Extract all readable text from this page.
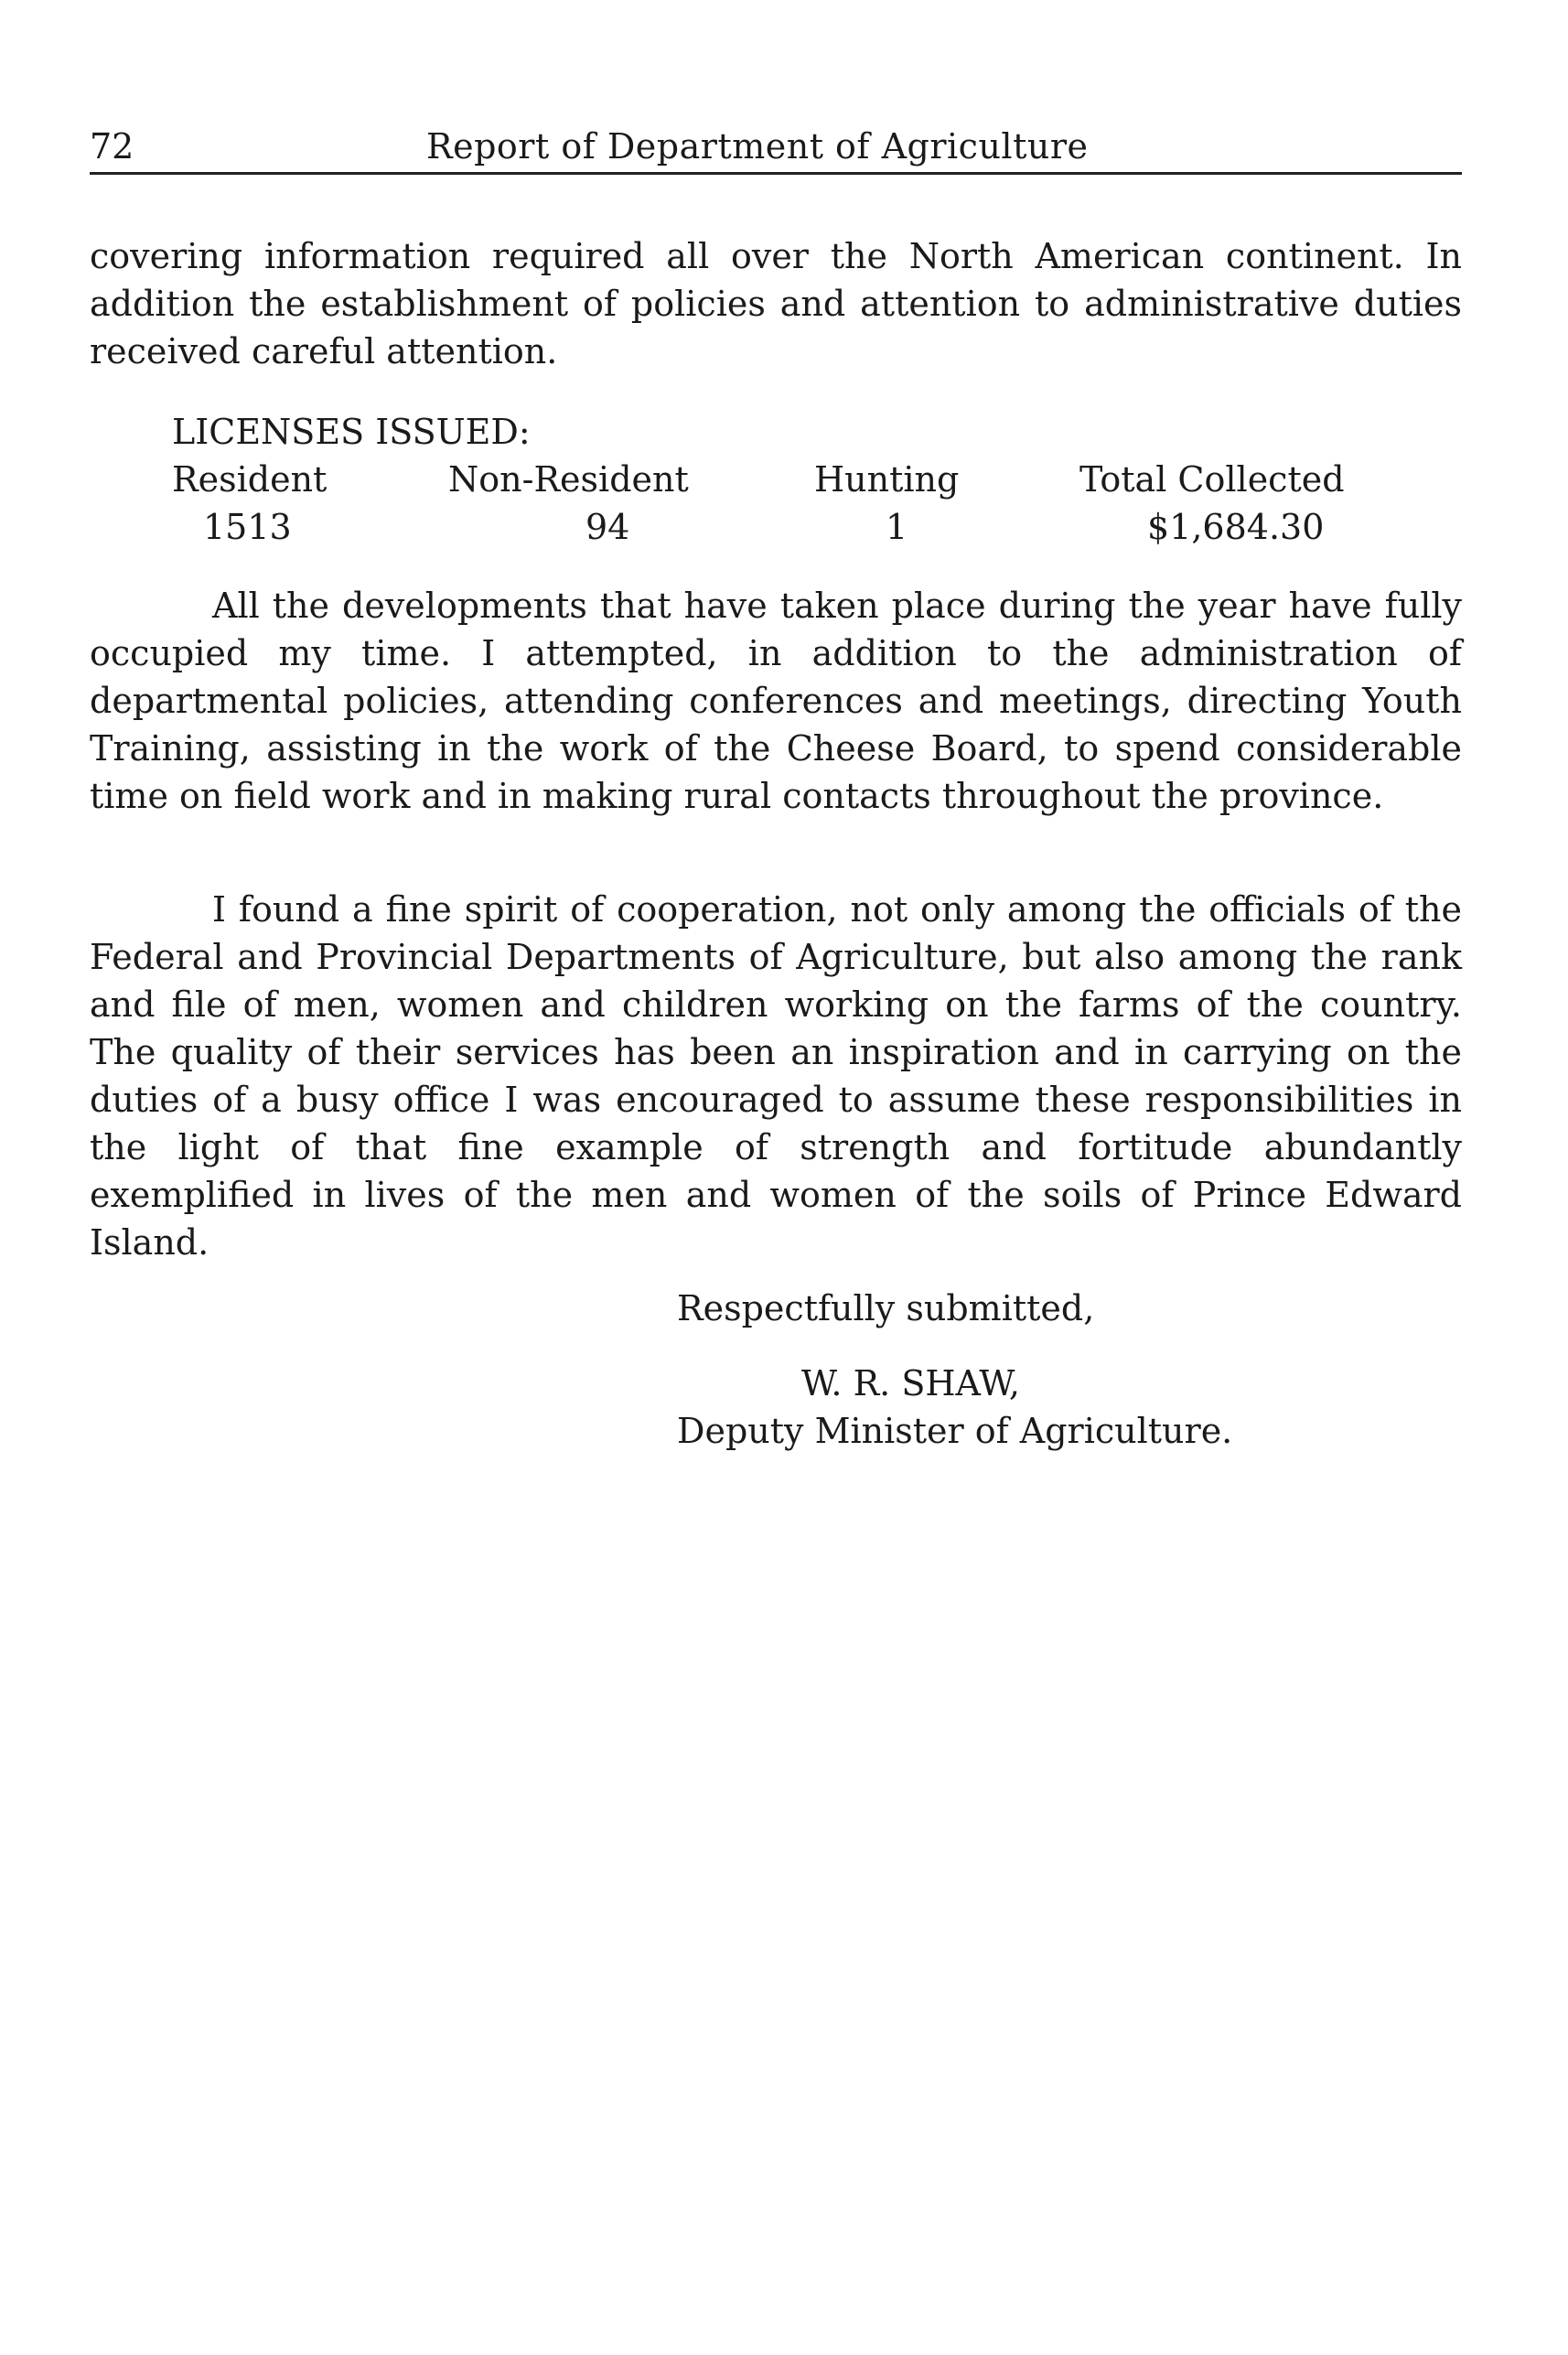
72	Report of Department of Agriculture

covering information required all over the North American continent. In addition the establishment of policies and attention to administrative duties received careful attention.

LICENSES ISSUED:
Resident	Non-Resident	Hunting	Total Collected
1513	94	1	$1,684.30

All the developments that have taken place during the year have fully occupied my time. I attempted, in addition to the administration of departmental policies, attending conferences and meetings, directing Youth Training, assisting in the work of the Cheese Board, to spend considerable time on field work and in making rural contacts throughout the province.

I found a fine spirit of cooperation, not only among the officials of the Federal and Provincial Departments of Agriculture, but also among the rank and file of men, women and children working on the farms of the country. The quality of their services has been an inspiration and in carrying on the duties of a busy office I was encouraged to assume these responsibilities in the light of that fine example of strength and fortitude abundantly exemplified in lives of the men and women of the soils of Prince Edward Island.

Respectfully submitted,
W. R. SHAW,
Deputy Minister of Agriculture.
